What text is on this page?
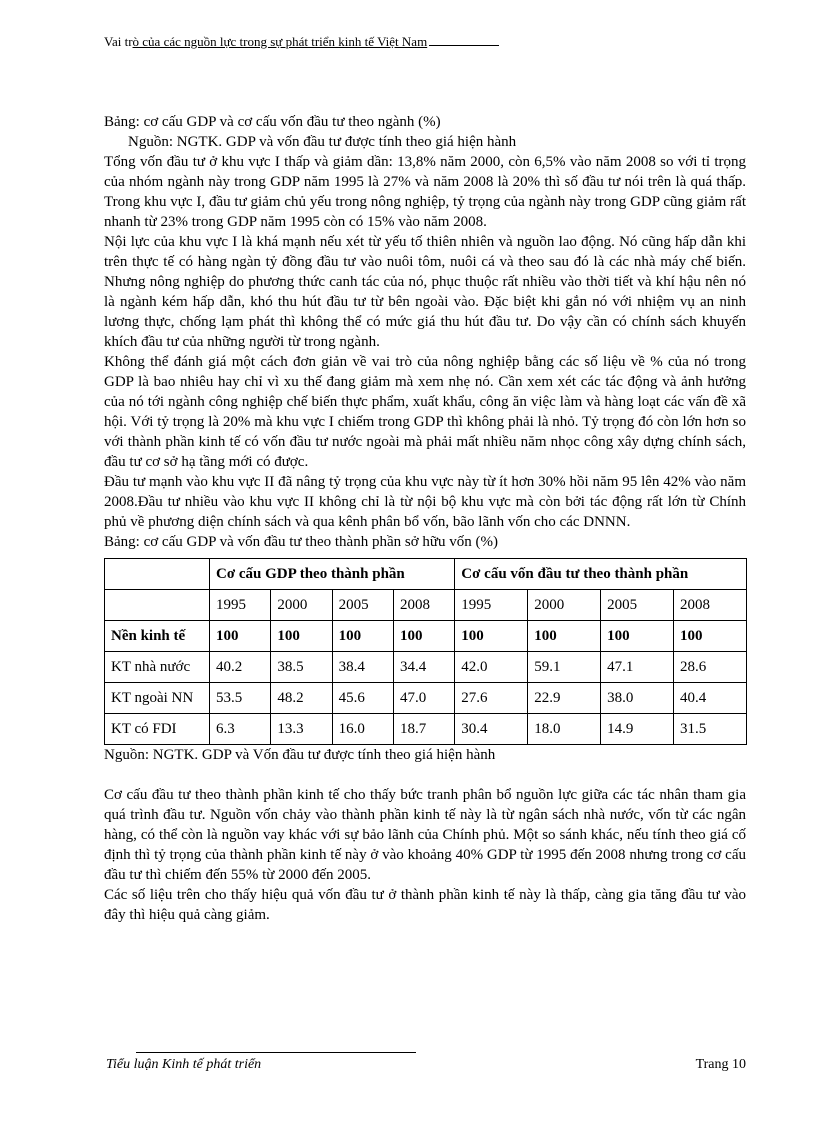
Vai trò của các nguồn lực trong sự phát triển kinh tế Việt Nam

Bảng: cơ cấu GDP và cơ cấu vốn đầu tư theo ngành (%)

Nguồn: NGTK. GDP và vốn đầu tư được tính theo giá hiện hành

Tổng vốn đầu tư ở khu vực I thấp và giảm dần: 13,8% năm 2000, còn 6,5% vào năm 2008 so với tỉ trọng của nhóm ngành này trong GDP năm 1995 là 27% và năm 2008 là 20% thì số đầu tư nói trên là quá thấp. Trong khu vực I, đầu tư giảm chủ yếu trong nông nghiệp, tỷ trọng của ngành này trong GDP cũng giảm rất nhanh từ 23% trong GDP năm 1995 còn có 15% vào năm 2008.

Nội lực của khu vực I là khá mạnh nếu xét từ yếu tố thiên nhiên và nguồn lao động. Nó cũng hấp dẫn khi trên thực tế có hàng ngàn tỷ đồng đầu tư vào nuôi tôm, nuôi cá và theo sau đó là các nhà máy chế biến. Nhưng nông nghiệp do phương thức canh tác của nó, phục thuộc rất nhiều vào thời tiết và khí hậu nên nó là ngành kém hấp dẫn, khó thu hút đầu tư từ bên ngoài vào. Đặc biệt khi gắn nó với nhiệm vụ an ninh lương thực, chống lạm phát thì không thể có mức giá thu hút đầu tư. Do vậy cần có chính sách khuyến khích đầu tư của những người từ trong ngành.

Không thể đánh giá một cách đơn giản về vai trò của nông nghiệp bằng các số liệu về % của nó trong GDP là bao nhiêu hay chỉ vì xu thế đang giảm mà xem nhẹ nó. Cần xem xét các tác động và ảnh hưởng của nó tới ngành công nghiệp chế biến thực phẩm, xuất khẩu, công ăn việc làm và hàng loạt các vấn đề xã hội. Với tỷ trọng là 20% mà khu vực I chiếm trong GDP thì không phải là nhỏ. Tỷ trọng đó còn lớn hơn so với thành phần kinh tế có vốn đầu tư nước ngoài mà phải mất nhiều năm nhọc công xây dựng chính sách, đầu tư cơ sở hạ tầng mới có được.

Đầu tư mạnh vào khu vực II đã nâng tỷ trọng của khu vực này từ ít hơn 30% hồi năm 95 lên 42% vào năm 2008.Đầu tư nhiều vào khu vực II không chỉ là từ nội bộ khu vực mà còn bởi tác động rất lớn từ Chính phủ về phương diện chính sách và qua kênh phân bổ vốn, bão lãnh vốn cho các DNNN.

Bảng: cơ cấu GDP và vốn đầu tư theo thành phần sở hữu vốn (%)

	Cơ cấu GDP theo thành phần				Cơ cấu vốn đầu tư theo thành phần			
	1995	2000	2005	2008	1995	2000	2005	2008
Nền kinh tế	100	100	100	100	100	100	100	100
KT nhà nước	40.2	38.5	38.4	34.4	42.0	59.1	47.1	28.6
KT ngoài NN	53.5	48.2	45.6	47.0	27.6	22.9	38.0	40.4
KT có FDI	6.3	13.3	16.0	18.7	30.4	18.0	14.9	31.5

Nguồn: NGTK. GDP và Vốn đầu tư được tính theo giá hiện hành

Cơ cấu đầu tư theo thành phần kinh tế cho thấy bức tranh phân bổ nguồn lực giữa các tác nhân tham gia quá trình đầu tư. Nguồn vốn chảy vào thành phần kinh tế này là từ ngân sách nhà nước, vốn từ các ngân hàng, có thể còn là nguồn vay khác với sự bảo lãnh của Chính phủ. Một so sánh khác, nếu tính theo giá cố định thì tỷ trọng của thành phần kinh tế này ở vào khoảng 40% GDP từ 1995 đến 2008 nhưng trong cơ cấu đầu tư thì chiếm đến 55% từ 2000 đến 2005.

Các số liệu trên cho thấy hiệu quả vốn đầu tư ở thành phần kinh tế này là thấp, càng gia tăng đầu tư vào đây thì hiệu quả càng giảm.

Tiểu luận Kinh tế phát triển	Trang 10
